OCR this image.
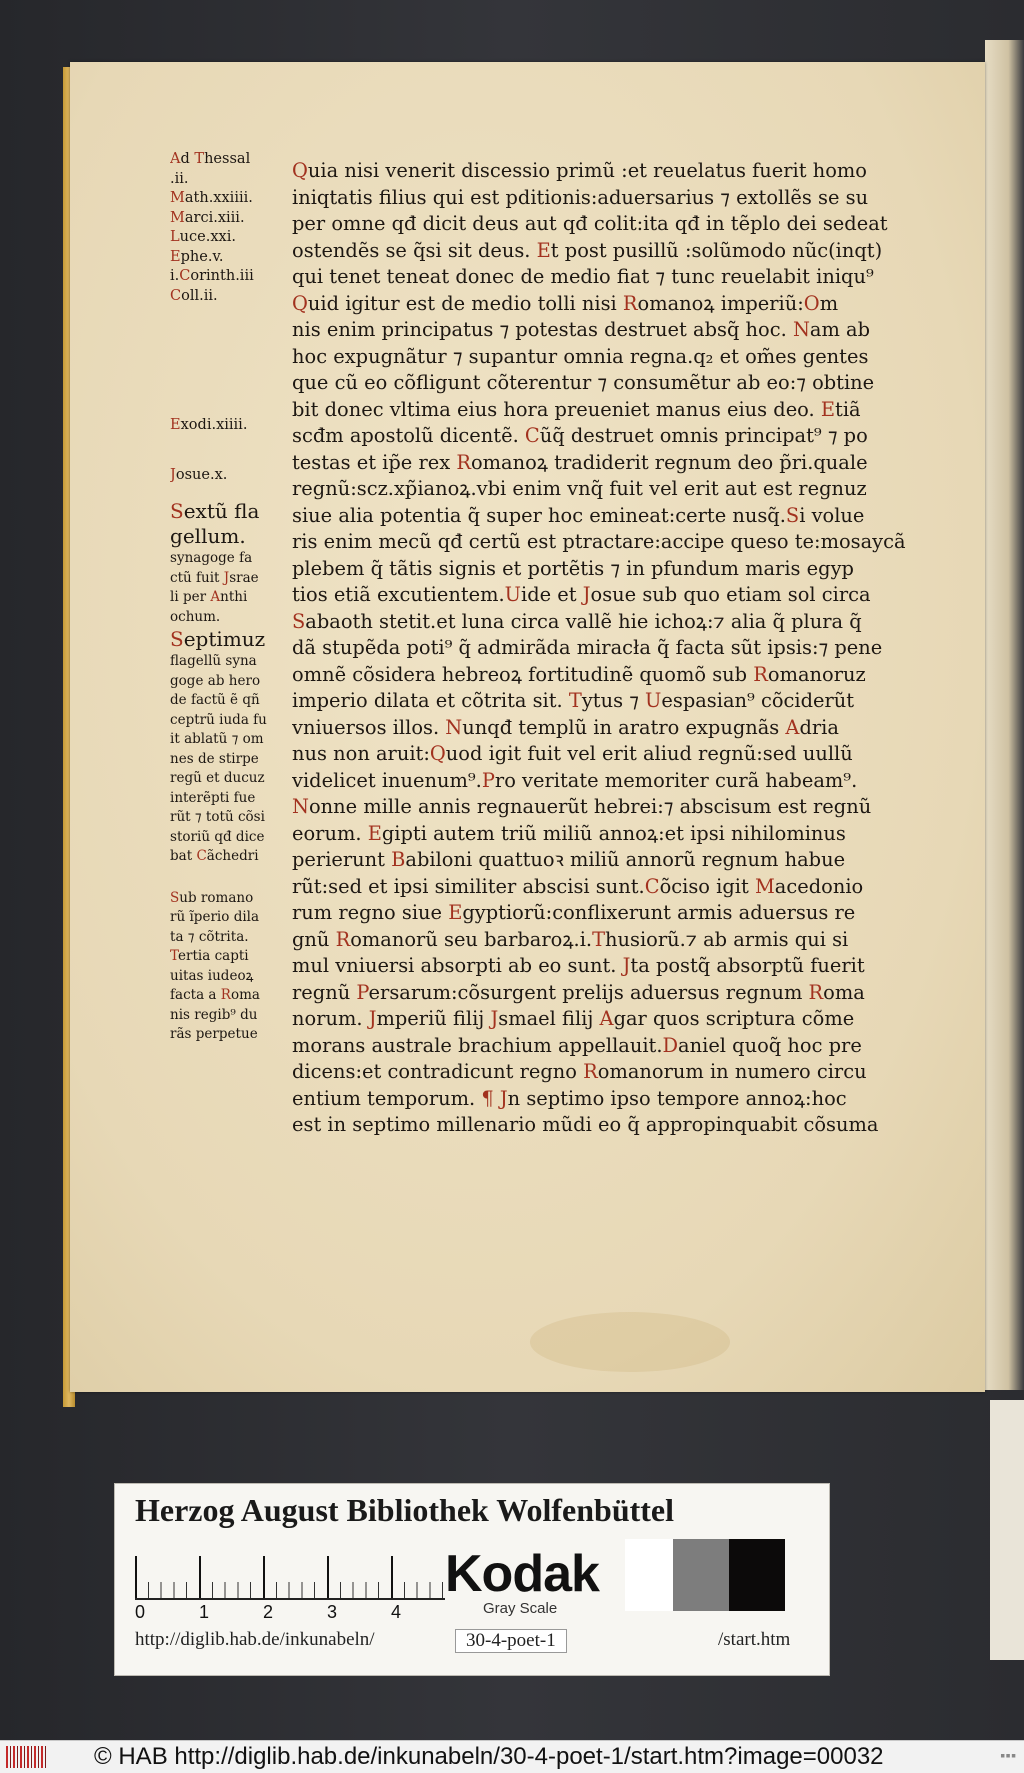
Ad Thessal
.ii.
Math.xxiiii.
Marci.xiii.
Luce.xxi.
Ephe.v.
i.Corinth.iii
Coll.ii.
Exodi.xiiii.
Josue.x.
Sextũ fa
gellum.
synagoge fa
ctũ fuit Jsrae
li per Anthi
ochum.
Septimuz
fagellũ syna
goge ab hero
de factũ ẽ qñ
ceptrũ iuda fu
it ablatũ ⁊ om
nes de stirpe
regũ et ducuz
interẽpti fue
rũt ⁊ totũ cõsi
storiũ qđ dice
bat Cãchedri
Sub romano
rũ ĩperio dila
ta ⁊ cõtrita.
Tertia capti
uitas iudeoꝝ
facta a Roma
nis regib⁹ du
rãs perpetue
Quia nisi venerit discessio primũ :et reuelatus fuerit homo
iniqtatis flius qui est pditionis:aduersarius ⁊ extollẽs se su
per omne qđ dicit deus aut qđ colit:ita qđ in tẽplo dei sedeat
ostendẽs se qsi sit deus. Et post pusillũ :solũmodo nũc(inqt)
qui tenet teneat donec de medio fat ⁊ tunc reuelabit iniqu⁹
Quid igitur est de medio tolli nisi Romanoꝝ imperiũ:Om
nis enim principatus ⁊ potestas destruet absq hoc. Nam ab
hoc expugnãtur ⁊ supantur omnia regna.q₂ et omes gentes
que cũ eo cõfigunt cõterentur ⁊ consumẽtur ab eo:⁊ obtine
bit donec vltima eius hora preueniet manus eius deo. Etiã
scđm apostolũ dicentẽ. Cũq destruet omnis principat⁹ ⁊ po
testas et ipe rex Romanoꝝ tradiderit regnum deo pri.quale
regnũ:scz.xpianoꝝ.vbi enim vnq fuit vel erit aut est regnuz
siue alia potentia q super hoc emineat:certe nusq.Si volue
ris enim mecũ qđ certũ est ptractare:accipe queso te:mosaycã
plebem q tãtis signis et portẽtis ⁊ in pfundum maris egyp
tios etiã excutientem.Uide et Josue sub quo etiam sol circa
Sabaoth stetit.et luna circa vallẽ hie ichoꝝ:⁊ alia q plura q
dã stupẽda poti⁹ q admirãda miracła q facta sũt ipsis:⁊ pene
omnẽ cõsidera hebreoꝝ fortitudinẽ quomõ sub Romanoruz
imperio dilata et cõtrita sit. Tytus ⁊ Uespasian⁹ cõciderũt
vniuersos illos. Nunqđ templũ in aratro expugnãs Adria
nus non aruit:Quod igit fuit vel erit aliud regnũ:sed uullũ
videlicet inuenum⁹.Pro veritate memoriter curã habeam⁹.
Nonne mille annis regnauerũt hebrei:⁊ abscisum est regnũ
eorum. Egipti autem triũ miliũ annoꝝ:et ipsi nihilominus
perierunt Babiloni quattuoꝛ miliũ annorũ regnum habue
rũt:sed et ipsi similiter abscisi sunt.Cõciso igit Macedonio
rum regno siue Egyptiorũ:confixerunt armis aduersus re
gnũ Romanorũ seu barbaroꝝ.i.Thusiorũ.⁊ ab armis qui si
mul vniuersi absorpti ab eo sunt. Jta postq absorptũ fuerit
regnũ Persarum:cõsurgent prelijs aduersus regnum Roma
norum. Jmperiũ flij Jsmael flij Agar quos scriptura cõme
morans australe brachium appellauit.Daniel quoq hoc pre
dicens:et contradicunt regno Romanorum in numero circu
entium temporum. ¶ Jn septimo ipso tempore annoꝝ:hoc
est in septimo millenario mũdi eo q appropinquabit cõsuma
Herzog August Bibliothek Wolfenbüttel
0	1	2	3	4
Kodak
Gray Scale
http://diglib.hab.de/inkunabeln/	30-4-poet-1	/start.htm
© HAB http://diglib.hab.de/inkunabeln/30-4-poet-1/start.htm?image=00032	▪▪▪
